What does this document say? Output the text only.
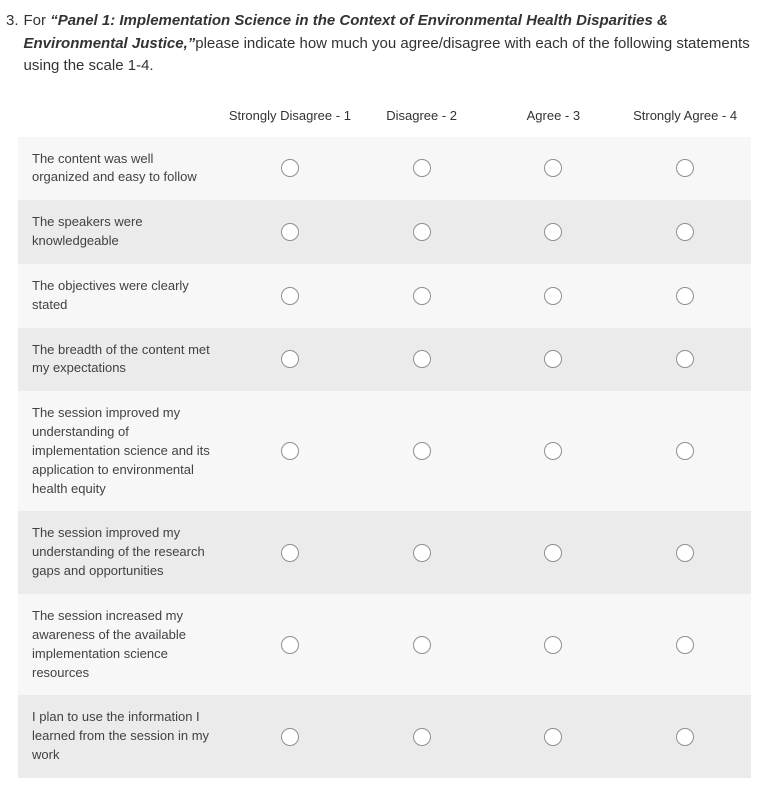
3. For “Panel 1: Implementation Science in the Context of Environmental Health Disparities & Environmental Justice,”please indicate how much you agree/disagree with each of the following statements using the scale 1-4.
Strongly Disagree - 1	Disagree - 2	Agree - 3	Strongly Agree - 4
The content was well organized and easy to follow
The speakers were knowledgeable
The objectives were clearly stated
The breadth of the content met my expectations
The session improved my understanding of implementation science and its application to environmental health equity
The session improved my understanding of the research gaps and opportunities
The session increased my awareness of the available implementation science resources
I plan to use the information I learned from the session in my work
